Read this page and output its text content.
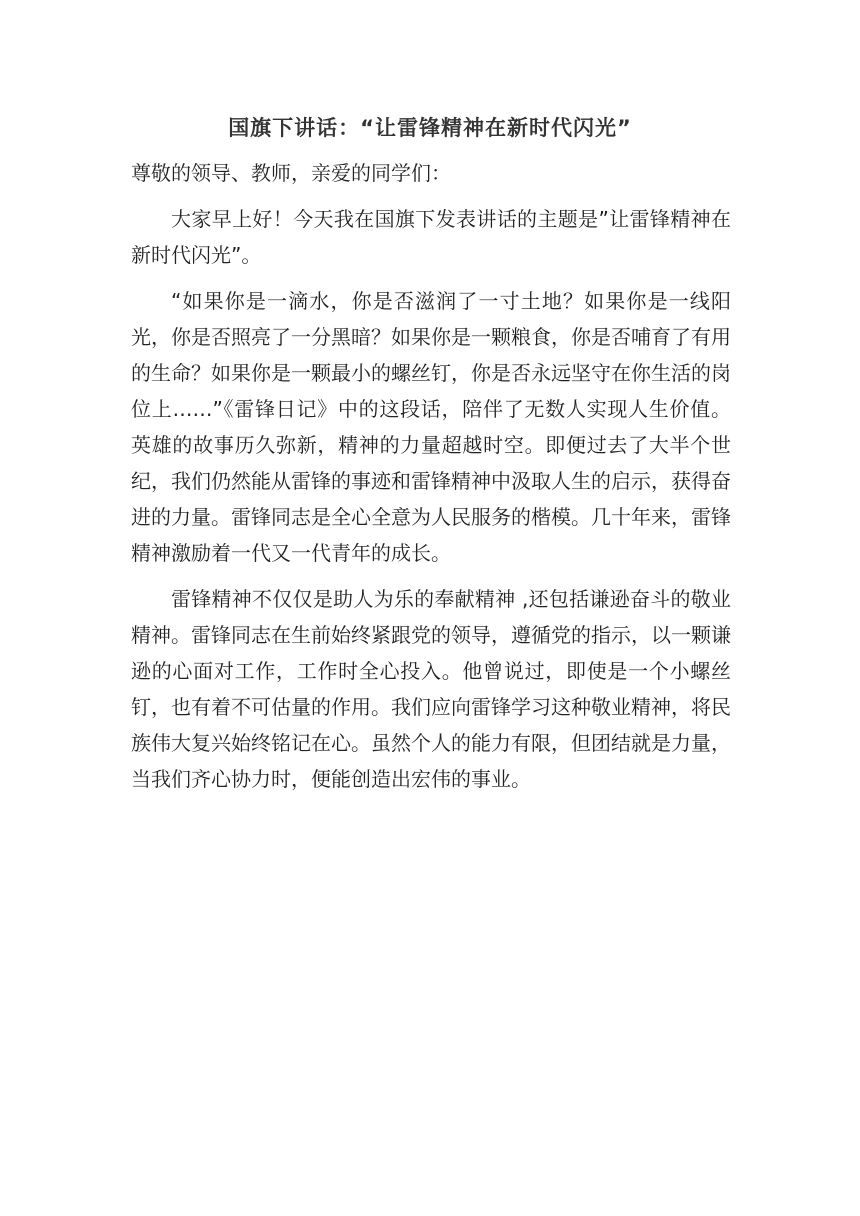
国旗下讲话：“让雷锋精神在新时代闪光”

尊敬的领导、教师，亲爱的同学们：

大家早上好！今天我在国旗下发表讲话的主题是”让雷锋精神在新时代闪光”。

“如果你是一滴水，你是否滋润了一寸土地？如果你是一线阳光，你是否照亮了一分黑暗？如果你是一颗粮食，你是否哺育了有用的生命？如果你是一颗最小的螺丝钉，你是否永远坚守在你生活的岗位上……”《雷锋日记》中的这段话，陪伴了无数人实现人生价值。英雄的故事历久弥新，精神的力量超越时空。即便过去了大半个世纪，我们仍然能从雷锋的事迹和雷锋精神中汲取人生的启示，获得奋进的力量。雷锋同志是全心全意为人民服务的楷模。几十年来，雷锋精神激励着一代又一代青年的成长。

雷锋精神不仅仅是助人为乐的奉献精神 ,还包括谦逊奋斗的敬业精神。雷锋同志在生前始终紧跟党的领导，遵循党的指示，以一颗谦逊的心面对工作，工作时全心投入。他曾说过，即使是一个小螺丝钉，也有着不可估量的作用。我们应向雷锋学习这种敬业精神，将民族伟大复兴始终铭记在心。虽然个人的能力有限，但团结就是力量，当我们齐心协力时，便能创造出宏伟的事业。
